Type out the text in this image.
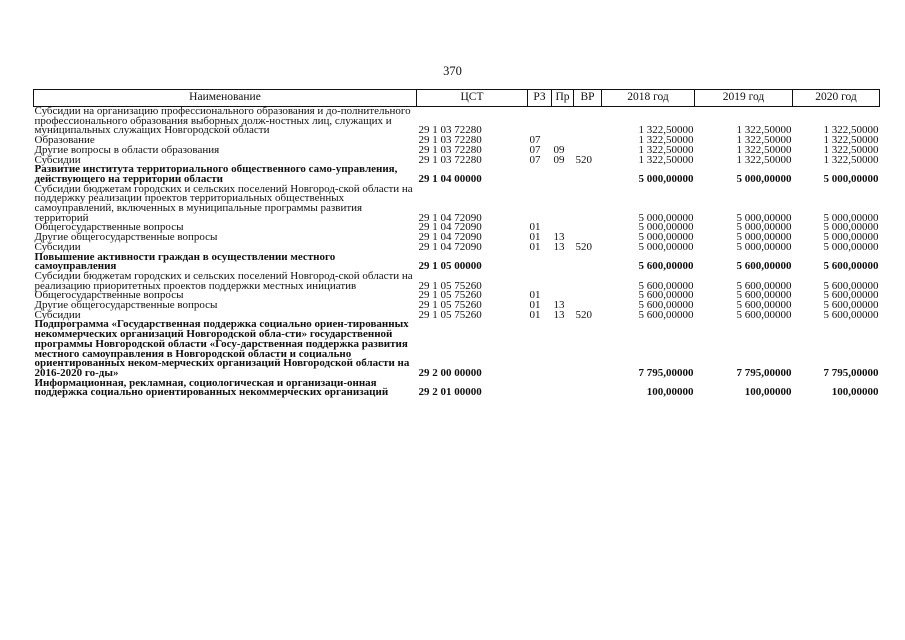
370
Наименование	ЦСТ	РЗ	Пр	ВР	2018 год	2019 год	2020 год
Субсидии на организацию профессионального образования и до-полнительного профессионального образования выборных долж-ностных лиц, служащих и муниципальных служащих Новгородской области	29 1 03 72280				1 322,50000	1 322,50000	1 322,50000
Образование	29 1 03 72280	07			1 322,50000	1 322,50000	1 322,50000
Другие вопросы в области образования	29 1 03 72280	07	09		1 322,50000	1 322,50000	1 322,50000
Субсидии	29 1 03 72280	07	09	520	1 322,50000	1 322,50000	1 322,50000
Развитие института территориального общественного само-управления, действующего на территории области	29 1 04 00000				5 000,00000	5 000,00000	5 000,00000
Субсидии бюджетам городских и сельских поселений Новгород-ской области на поддержку реализации проектов территориальных общественных самоуправлений, включенных в муниципальные программы развития территорий	29 1 04 72090				5 000,00000	5 000,00000	5 000,00000
Общегосударственные вопросы	29 1 04 72090	01			5 000,00000	5 000,00000	5 000,00000
Другие общегосударственные вопросы	29 1 04 72090	01	13		5 000,00000	5 000,00000	5 000,00000
Субсидии	29 1 04 72090	01	13	520	5 000,00000	5 000,00000	5 000,00000
Повышение активности граждан в осуществлении местного самоуправления	29 1 05 00000				5 600,00000	5 600,00000	5 600,00000
Субсидии бюджетам городских и сельских поселений Новгород-ской области на реализацию приоритетных проектов поддержки местных инициатив	29 1 05 75260				5 600,00000	5 600,00000	5 600,00000
Общегосударственные вопросы	29 1 05 75260	01			5 600,00000	5 600,00000	5 600,00000
Другие общегосударственные вопросы	29 1 05 75260	01	13		5 600,00000	5 600,00000	5 600,00000
Субсидии	29 1 05 75260	01	13	520	5 600,00000	5 600,00000	5 600,00000
Подпрограмма «Государственная поддержка социально ориен-тированных некоммерческих организаций Новгородской обла-сти» государственной программы Новгородской области «Госу-дарственная поддержка развития местного самоуправления в Новгородской области и социально ориентированных неком-мерческих организаций Новгородской области на 2016-2020 го-ды»	29 2 00 00000				7 795,00000	7 795,00000	7 795,00000
Информационная, рекламная, социологическая и организаци-онная поддержка социально ориентированных некоммерческих организаций	29 2 01 00000				100,00000	100,00000	100,00000
